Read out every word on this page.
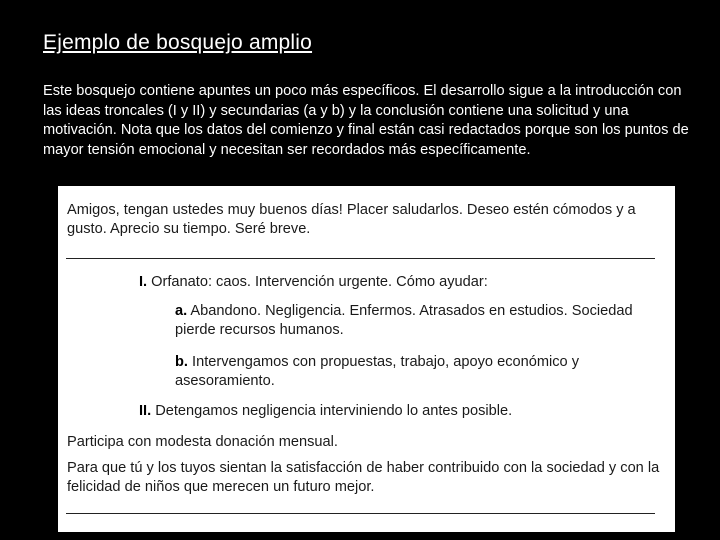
Ejemplo de bosquejo amplio

Este bosquejo contiene apuntes un poco más específicos. El desarrollo sigue a la introducción con las ideas troncales (I y II) y secundarias (a y b) y la conclusión contiene una solicitud y una motivación. Nota que los datos del comienzo y final están casi redactados porque son los puntos de mayor tensión emocional y necesitan ser recordados más específicamente.

Amigos, tengan ustedes muy buenos días! Placer saludarlos. Deseo estén cómodos y a gusto. Aprecio su tiempo. Seré breve.

I. Orfanato: caos. Intervención urgente. Cómo ayudar:

a. Abandono. Negligencia. Enfermos. Atrasados en estudios. Sociedad pierde recursos humanos.

b. Intervengamos con propuestas, trabajo, apoyo económico y asesoramiento.

II. Detengamos negligencia interviniendo lo antes posible.

Participa con modesta donación mensual.

Para que tú y los tuyos sientan la satisfacción de haber contribuido con la sociedad y con la felicidad de niños que merecen un futuro mejor.
